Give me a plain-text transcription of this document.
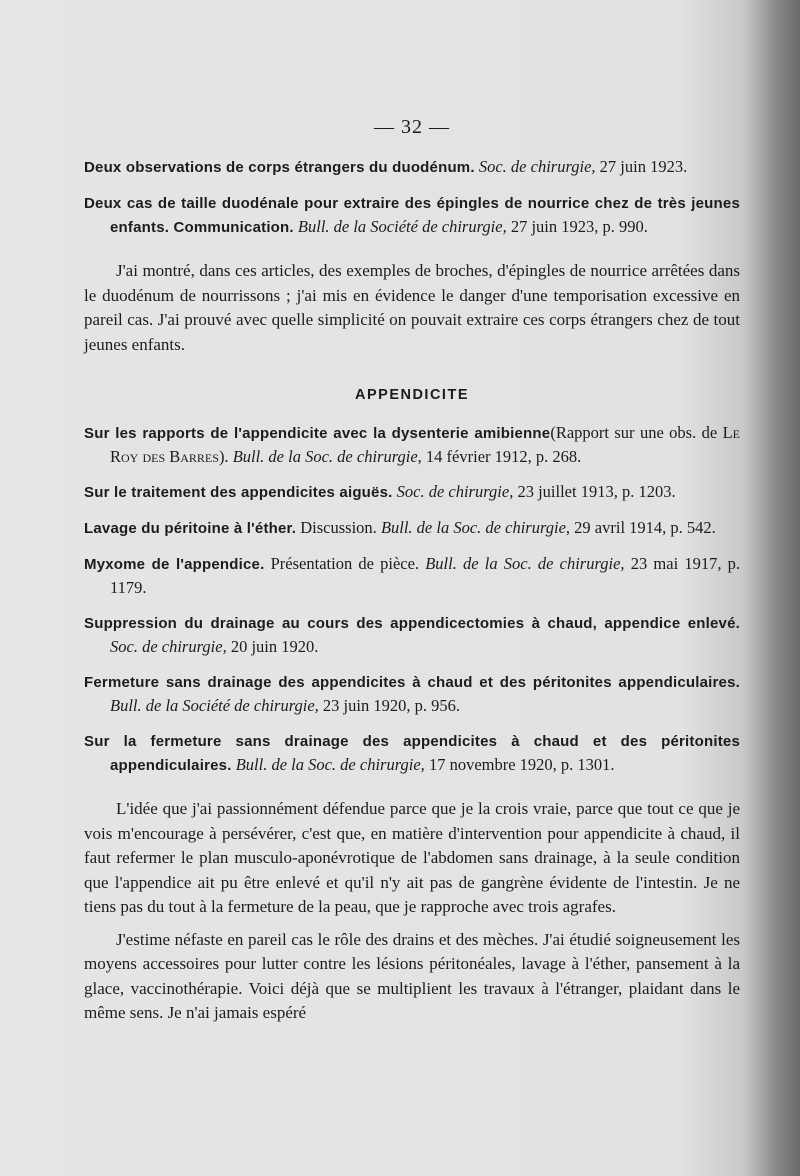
— 32 —
Deux observations de corps étrangers du duodénum. Soc. de chirurgie, 27 juin 1923.
Deux cas de taille duodénale pour extraire des épingles de nourrice chez de très jeunes enfants. Communication. Bull. de la Société de chirurgie, 27 juin 1923, p. 990.

J'ai montré, dans ces articles, des exemples de broches, d'épingles de nourrice arrêtées dans le duodénum de nourrissons ; j'ai mis en évidence le danger d'une temporisation excessive en pareil cas. J'ai prouvé avec quelle simplicité on pouvait extraire ces corps étrangers chez de tout jeunes enfants.

APPENDICITE
Sur les rapports de l'appendicite avec la dysenterie amibienne(Rapport sur une obs. de Le Roy des Barres). Bull. de la Soc. de chirurgie, 14 février 1912, p. 268.
Sur le traitement des appendicites aiguës. Soc. de chirurgie, 23 juillet 1913, p. 1203.
Lavage du péritoine à l'éther. Discussion. Bull. de la Soc. de chirurgie, 29 avril 1914, p. 542.
Myxome de l'appendice. Présentation de pièce. Bull. de la Soc. de chirurgie, 23 mai 1917, p. 1179.
Suppression du drainage au cours des appendicectomies à chaud, appendice enlevé. Soc. de chirurgie, 20 juin 1920.
Fermeture sans drainage des appendicites à chaud et des péritonites appendiculaires. Bull. de la Société de chirurgie, 23 juin 1920, p. 956.
Sur la fermeture sans drainage des appendicites à chaud et des péritonites appendiculaires. Bull. de la Soc. de chirurgie, 17 novembre 1920, p. 1301.

L'idée que j'ai passionnément défendue parce que je la crois vraie, parce que tout ce que je vois m'encourage à persévérer, c'est que, en matière d'intervention pour appendicite à chaud, il faut refermer le plan musculo-aponévrotique de l'abdomen sans drainage, à la seule condition que l'appendice ait pu être enlevé et qu'il n'y ait pas de gangrène évidente de l'intestin. Je ne tiens pas du tout à la fermeture de la peau, que je rapproche avec trois agrafes.

J'estime néfaste en pareil cas le rôle des drains et des mèches. J'ai étudié soigneusement les moyens accessoires pour lutter contre les lésions péritonéales, lavage à l'éther, pansement à la glace, vaccinothérapie. Voici déjà que se multiplient les travaux à l'étranger, plaidant dans le même sens. Je n'ai jamais espéré
